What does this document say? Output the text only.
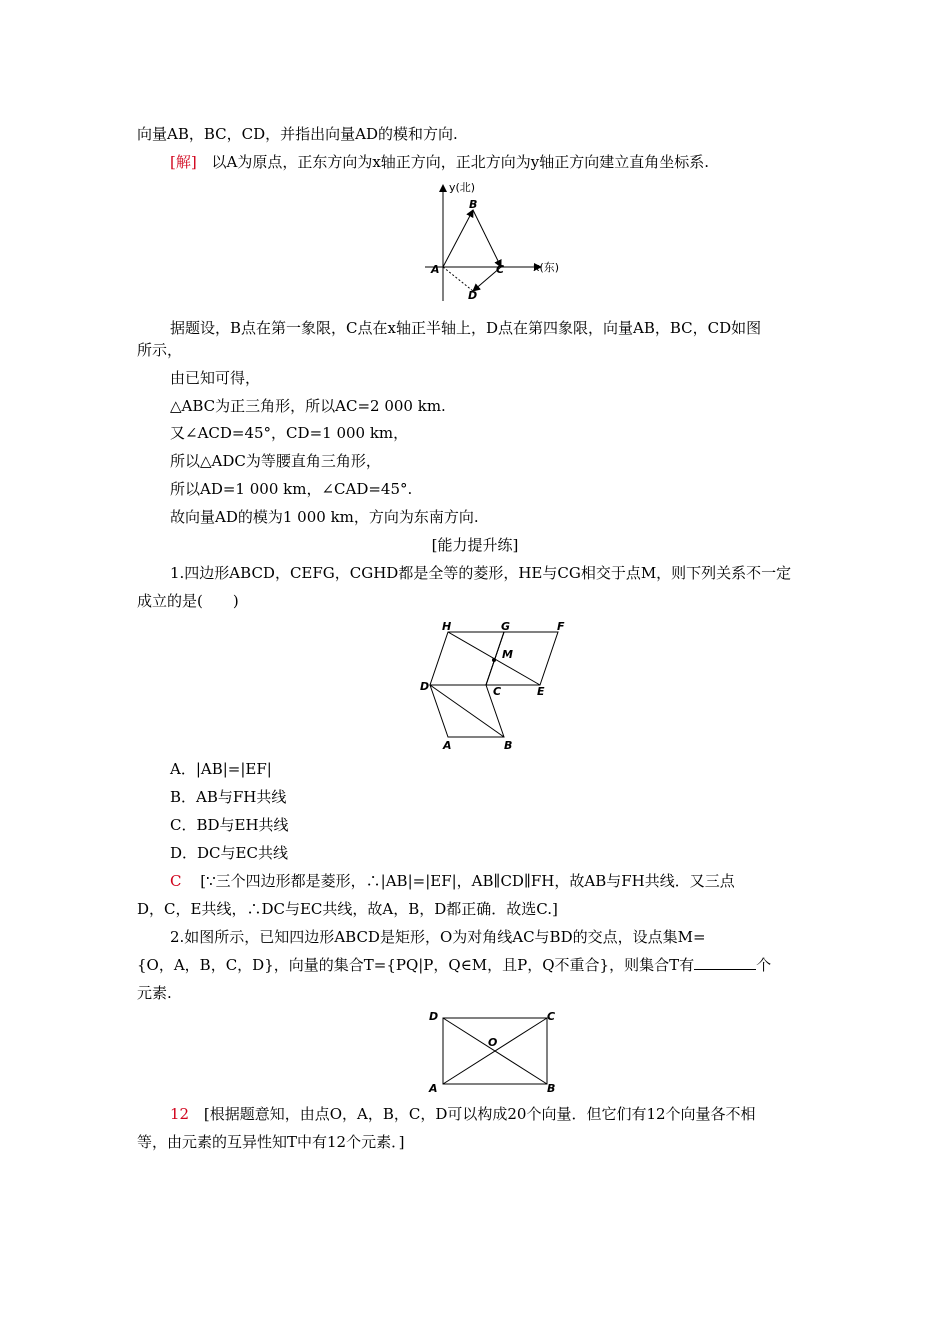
向量AB，BC，CD，并指出向量AD的模和方向.
[解] 以A为原点，正东方向为x轴正方向，正北方向为y轴正方向建立直角坐标系.
y(北)
x(东)
A
B
C
D
据题设，B点在第一象限，C点在x轴正半轴上，D点在第四象限，向量AB，BC，CD如图
所示，
由已知可得，
△ABC为正三角形，所以AC=2 000 km.
又∠ACD=45°，CD=1 000 km，
所以△ADC为等腰直角三角形，
所以AD=1 000 km，∠CAD=45°.
故向量AD的模为1 000 km，方向为东南方向.
[能力提升练]
1.四边形ABCD，CEFG，CGHD都是全等的菱形，HE与CG相交于点M，则下列关系不一定
成立的是(　　)
H	G	F
M
D	C	E
A	B
A．|AB|=|EF|
B．AB与FH共线
C．BD与EH共线
D．DC与EC共线
C [∵三个四边形都是菱形，∴|AB|=|EF|，AB∥CD∥FH，故AB与FH共线．又三点
D，C，E共线，∴DC与EC共线，故A，B，D都正确．故选C.]
2.如图所示，已知四边形ABCD是矩形，O为对角线AC与BD的交点，设点集M=
{O，A，B，C，D}，向量的集合T={PQ|P，Q∈M，且P，Q不重合}，则集合T有	个
元素.
D	C
O
A	B
12 [根据题意知，由点O，A，B，C，D可以构成20个向量．但它们有12个向量各不相
等，由元素的互异性知T中有12个元素．]
